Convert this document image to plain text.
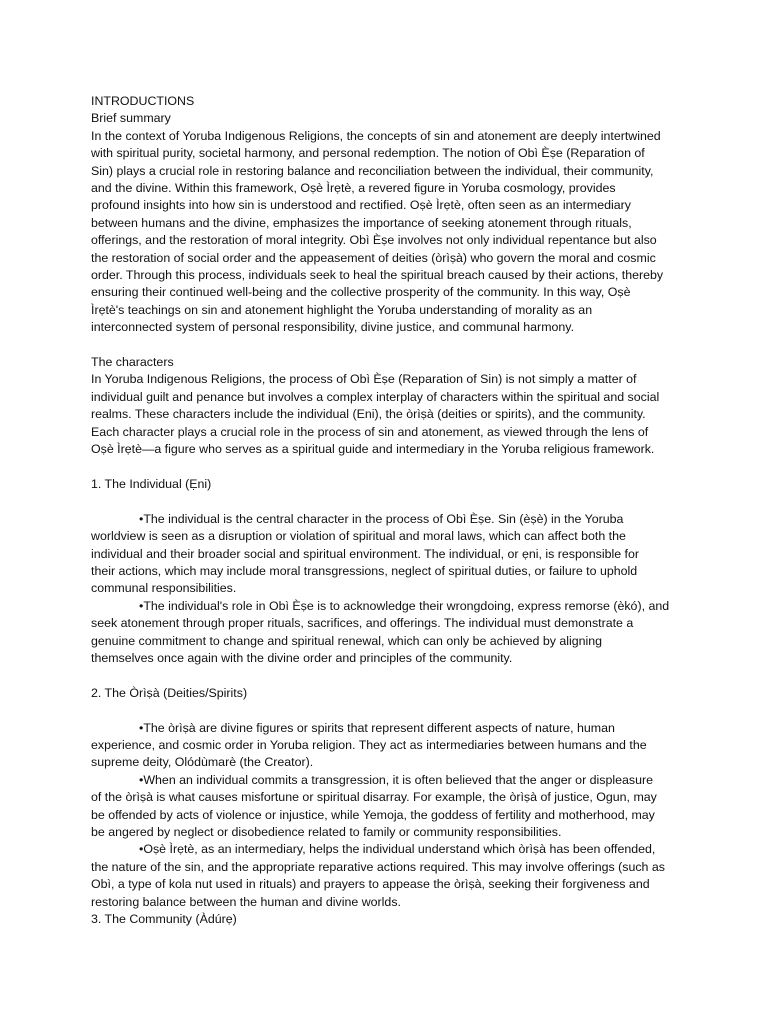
INTRODUCTIONS
Brief summary
In the context of Yoruba Indigenous Religions, the concepts of sin and atonement are deeply intertwined
with spiritual purity, societal harmony, and personal redemption. The notion of Obì Èṣe (Reparation of
Sin) plays a crucial role in restoring balance and reconciliation between the individual, their community,
and the divine. Within this framework, Oṣè Ìrẹtè, a revered figure in Yoruba cosmology, provides
profound insights into how sin is understood and rectified. Oṣè Ìrẹtè, often seen as an intermediary
between humans and the divine, emphasizes the importance of seeking atonement through rituals,
offerings, and the restoration of moral integrity. Obì Èṣe involves not only individual repentance but also
the restoration of social order and the appeasement of deities (òrìṣà) who govern the moral and cosmic
order. Through this process, individuals seek to heal the spiritual breach caused by their actions, thereby
ensuring their continued well-being and the collective prosperity of the community. In this way, Oṣè
Ìrẹtè's teachings on sin and atonement highlight the Yoruba understanding of morality as an
interconnected system of personal responsibility, divine justice, and communal harmony.
The characters
In Yoruba Indigenous Religions, the process of Obì Èṣe (Reparation of Sin) is not simply a matter of
individual guilt and penance but involves a complex interplay of characters within the spiritual and social
realms. These characters include the individual (Eni), the òrìṣà (deities or spirits), and the community.
Each character plays a crucial role in the process of sin and atonement, as viewed through the lens of
Oṣè Ìrẹtè—a figure who serves as a spiritual guide and intermediary in the Yoruba religious framework.
1. The Individual (Ẹni)
•The individual is the central character in the process of Obì Èṣe. Sin (èṣè) in the Yoruba
worldview is seen as a disruption or violation of spiritual and moral laws, which can affect both the
individual and their broader social and spiritual environment. The individual, or ẹni, is responsible for
their actions, which may include moral transgressions, neglect of spiritual duties, or failure to uphold
communal responsibilities.
•The individual's role in Obì Èṣe is to acknowledge their wrongdoing, express remorse (èkó), and
seek atonement through proper rituals, sacrifices, and offerings. The individual must demonstrate a
genuine commitment to change and spiritual renewal, which can only be achieved by aligning
themselves once again with the divine order and principles of the community.
2. The Òrìṣà (Deities/Spirits)
•The òrìṣà are divine figures or spirits that represent different aspects of nature, human
experience, and cosmic order in Yoruba religion. They act as intermediaries between humans and the
supreme deity, Olódùmarè (the Creator).
•When an individual commits a transgression, it is often believed that the anger or displeasure
of the òrìṣà is what causes misfortune or spiritual disarray. For example, the òrìṣà of justice, Ogun, may
be offended by acts of violence or injustice, while Yemoja, the goddess of fertility and motherhood, may
be angered by neglect or disobedience related to family or community responsibilities.
•Oṣè Ìrẹtè, as an intermediary, helps the individual understand which òrìṣà has been offended,
the nature of the sin, and the appropriate reparative actions required. This may involve offerings (such as
Obì, a type of kola nut used in rituals) and prayers to appease the òrìṣà, seeking their forgiveness and
restoring balance between the human and divine worlds.
3. The Community (Àdúrẹ)
